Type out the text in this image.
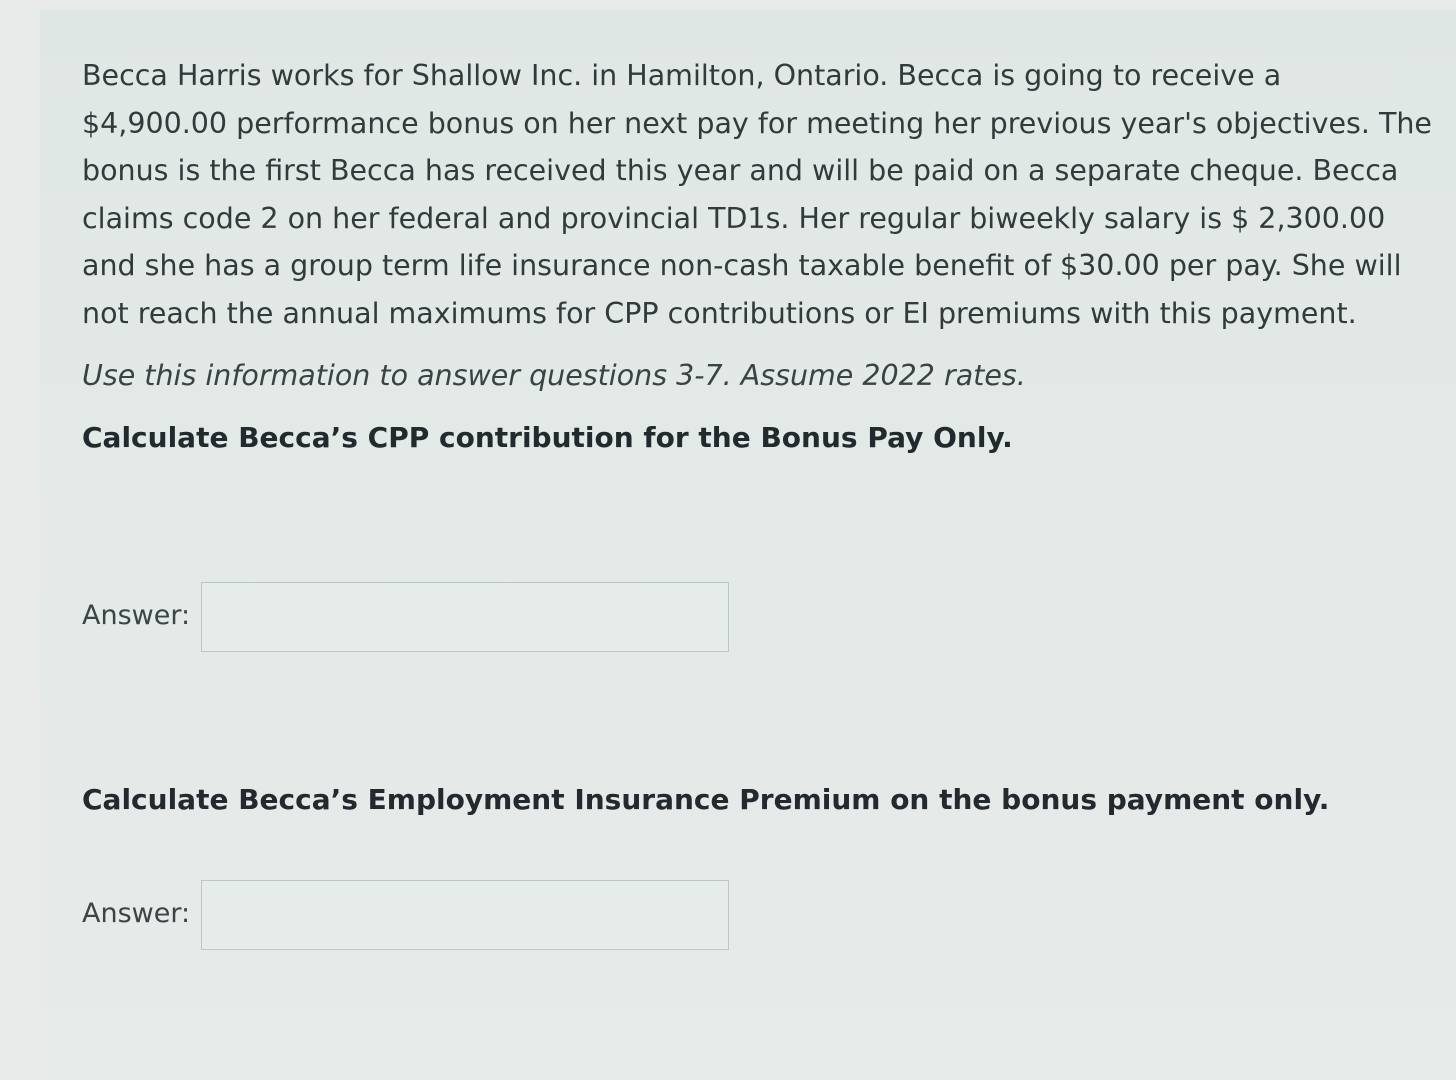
Becca Harris works for Shallow Inc. in Hamilton, Ontario. Becca is going to receive a $4,900.00 performance bonus on her next pay for meeting her previous year's objectives. The bonus is the first Becca has received this year and will be paid on a separate cheque. Becca claims code 2 on her federal and provincial TD1s. Her regular biweekly salary is $ 2,300.00 and she has a group term life insurance non-cash taxable benefit of $30.00 per pay. She will not reach the annual maximums for CPP contributions or EI premiums with this payment.

Use this information to answer questions 3-7. Assume 2022 rates.

Calculate Becca’s CPP contribution for the Bonus Pay Only.

Answer:

Calculate Becca’s Employment Insurance Premium on the bonus payment only.

Answer:
